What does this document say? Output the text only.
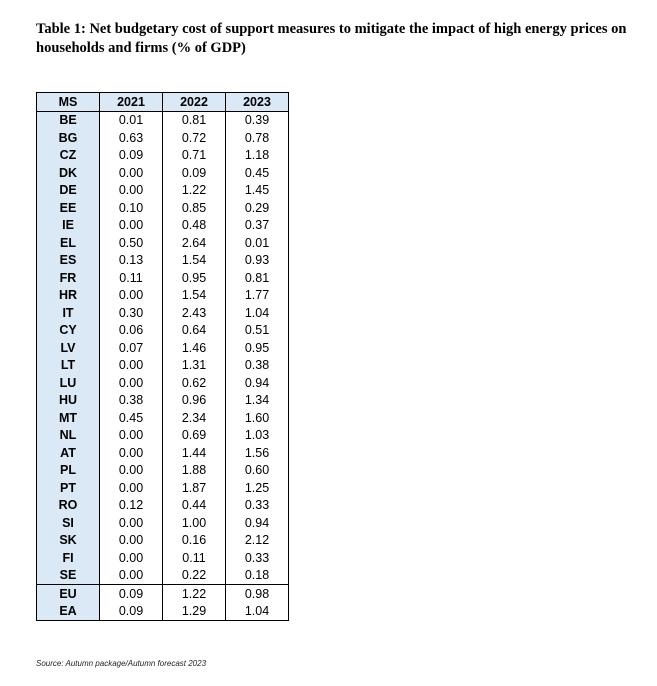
Table 1: Net budgetary cost of support measures to mitigate the impact of high energy prices on households and firms (% of GDP)

MS	2021	2022	2023
BE	0.01	0.81	0.39
BG	0.63	0.72	0.78
CZ	0.09	0.71	1.18
DK	0.00	0.09	0.45
DE	0.00	1.22	1.45
EE	0.10	0.85	0.29
IE	0.00	0.48	0.37
EL	0.50	2.64	0.01
ES	0.13	1.54	0.93
FR	0.11	0.95	0.81
HR	0.00	1.54	1.77
IT	0.30	2.43	1.04
CY	0.06	0.64	0.51
LV	0.07	1.46	0.95
LT	0.00	1.31	0.38
LU	0.00	0.62	0.94
HU	0.38	0.96	1.34
MT	0.45	2.34	1.60
NL	0.00	0.69	1.03
AT	0.00	1.44	1.56
PL	0.00	1.88	0.60
PT	0.00	1.87	1.25
RO	0.12	0.44	0.33
SI	0.00	1.00	0.94
SK	0.00	0.16	2.12
FI	0.00	0.11	0.33
SE	0.00	0.22	0.18
EU	0.09	1.22	0.98
EA	0.09	1.29	1.04
Source: Autumn package/Autumn forecast 2023
